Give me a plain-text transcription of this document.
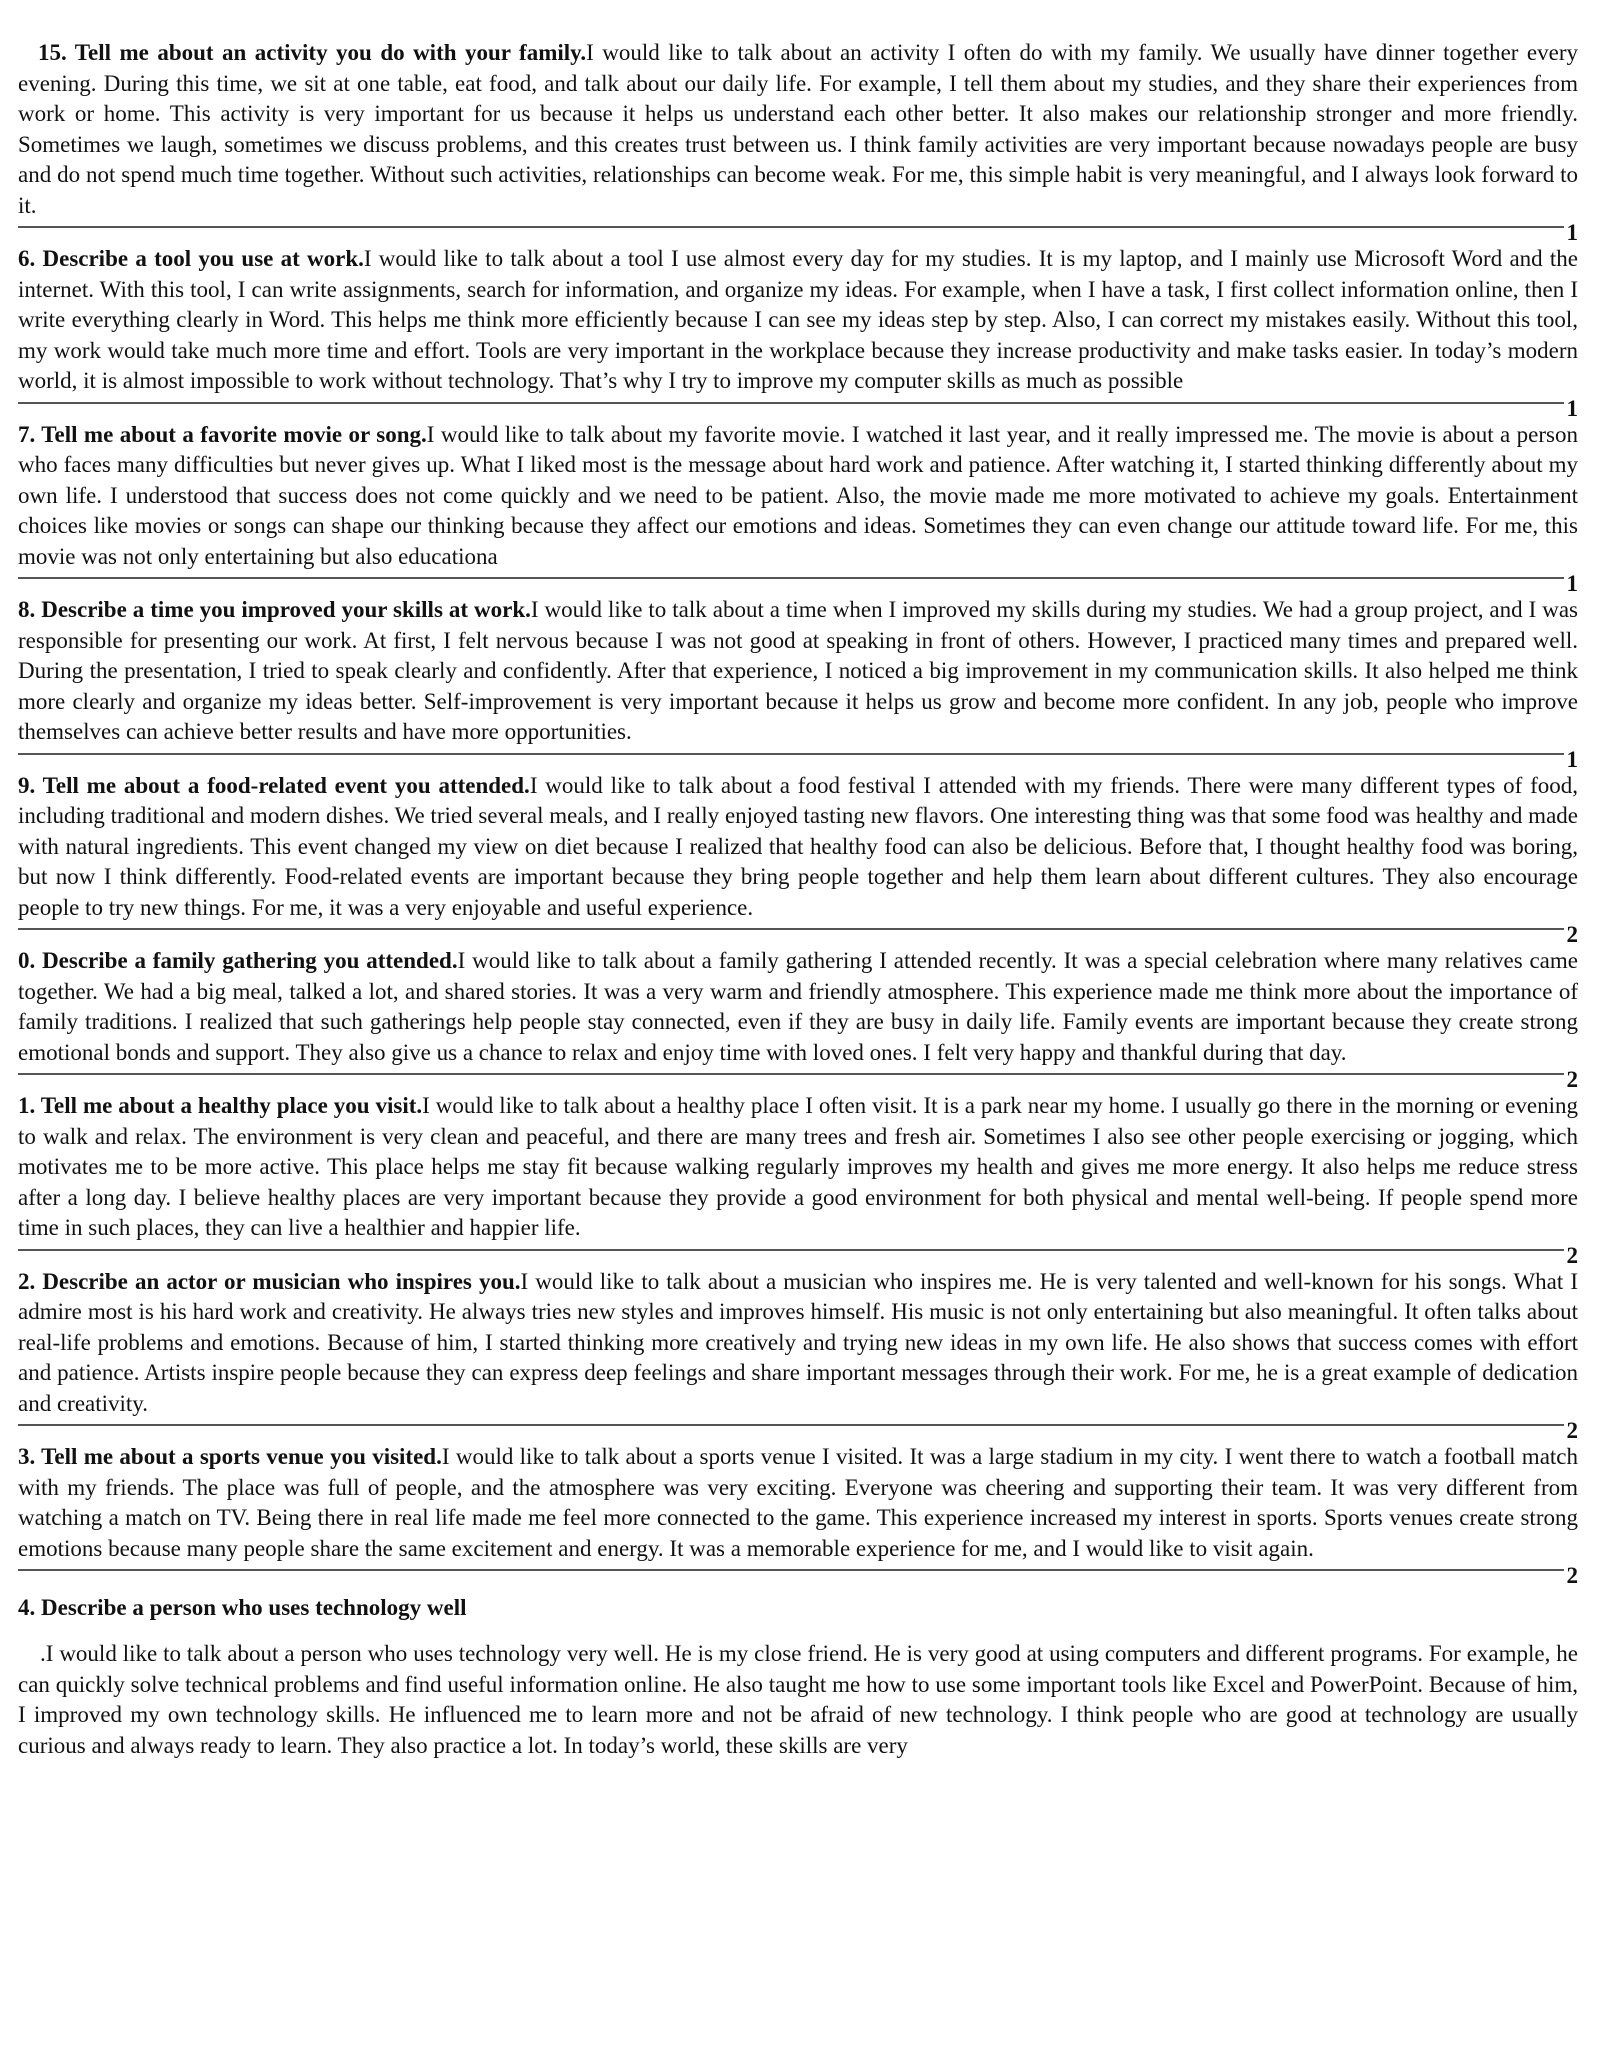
15. Tell me about an activity you do with your family.I would like to talk about an activity I often do with my family. We usually have dinner together every evening. During this time, we sit at one table, eat food, and talk about our daily life. For example, I tell them about my studies, and they share their experiences from work or home. This activity is very important for us because it helps us understand each other better. It also makes our relationship stronger and more friendly. Sometimes we laugh, sometimes we discuss problems, and this creates trust between us. I think family activities are very important because nowadays people are busy and do not spend much time together. Without such activities, relationships can become weak. For me, this simple habit is very meaningful, and I always look forward to it.
1
6. Describe a tool you use at work.I would like to talk about a tool I use almost every day for my studies. It is my laptop, and I mainly use Microsoft Word and the internet. With this tool, I can write assignments, search for information, and organize my ideas. For example, when I have a task, I first collect information online, then I write everything clearly in Word. This helps me think more efficiently because I can see my ideas step by step. Also, I can correct my mistakes easily. Without this tool, my work would take much more time and effort. Tools are very important in the workplace because they increase productivity and make tasks easier. In today’s modern world, it is almost impossible to work without technology. That’s why I try to improve my computer skills as much as possible
1
7. Tell me about a favorite movie or song.I would like to talk about my favorite movie. I watched it last year, and it really impressed me. The movie is about a person who faces many difficulties but never gives up. What I liked most is the message about hard work and patience. After watching it, I started thinking differently about my own life. I understood that success does not come quickly and we need to be patient. Also, the movie made me more motivated to achieve my goals. Entertainment choices like movies or songs can shape our thinking because they affect our emotions and ideas. Sometimes they can even change our attitude toward life. For me, this movie was not only entertaining but also educationa
1
8. Describe a time you improved your skills at work.I would like to talk about a time when I improved my skills during my studies. We had a group project, and I was responsible for presenting our work. At first, I felt nervous because I was not good at speaking in front of others. However, I practiced many times and prepared well. During the presentation, I tried to speak clearly and confidently. After that experience, I noticed a big improvement in my communication skills. It also helped me think more clearly and organize my ideas better. Self-improvement is very important because it helps us grow and become more confident. In any job, people who improve themselves can achieve better results and have more opportunities.
1
9. Tell me about a food-related event you attended.I would like to talk about a food festival I attended with my friends. There were many different types of food, including traditional and modern dishes. We tried several meals, and I really enjoyed tasting new flavors. One interesting thing was that some food was healthy and made with natural ingredients. This event changed my view on diet because I realized that healthy food can also be delicious. Before that, I thought healthy food was boring, but now I think differently. Food-related events are important because they bring people together and help them learn about different cultures. They also encourage people to try new things. For me, it was a very enjoyable and useful experience.
2
0. Describe a family gathering you attended.I would like to talk about a family gathering I attended recently. It was a special celebration where many relatives came together. We had a big meal, talked a lot, and shared stories. It was a very warm and friendly atmosphere. This experience made me think more about the importance of family traditions. I realized that such gatherings help people stay connected, even if they are busy in daily life. Family events are important because they create strong emotional bonds and support. They also give us a chance to relax and enjoy time with loved ones. I felt very happy and thankful during that day.
2
1. Tell me about a healthy place you visit.I would like to talk about a healthy place I often visit. It is a park near my home. I usually go there in the morning or evening to walk and relax. The environment is very clean and peaceful, and there are many trees and fresh air. Sometimes I also see other people exercising or jogging, which motivates me to be more active. This place helps me stay fit because walking regularly improves my health and gives me more energy. It also helps me reduce stress after a long day. I believe healthy places are very important because they provide a good environment for both physical and mental well-being. If people spend more time in such places, they can live a healthier and happier life.
2
2. Describe an actor or musician who inspires you.I would like to talk about a musician who inspires me. He is very talented and well-known for his songs. What I admire most is his hard work and creativity. He always tries new styles and improves himself. His music is not only entertaining but also meaningful. It often talks about real-life problems and emotions. Because of him, I started thinking more creatively and trying new ideas in my own life. He also shows that success comes with effort and patience. Artists inspire people because they can express deep feelings and share important messages through their work. For me, he is a great example of dedication and creativity.
2
3. Tell me about a sports venue you visited.I would like to talk about a sports venue I visited. It was a large stadium in my city. I went there to watch a football match with my friends. The place was full of people, and the atmosphere was very exciting. Everyone was cheering and supporting their team. It was very different from watching a match on TV. Being there in real life made me feel more connected to the game. This experience increased my interest in sports. Sports venues create strong emotions because many people share the same excitement and energy. It was a memorable experience for me, and I would like to visit again.
2
4. Describe a person who uses technology well
.I would like to talk about a person who uses technology very well. He is my close friend. He is very good at using computers and different programs. For example, he can quickly solve technical problems and find useful information online. He also taught me how to use some important tools like Excel and PowerPoint. Because of him, I improved my own technology skills. He influenced me to learn more and not be afraid of new technology. I think people who are good at technology are usually curious and always ready to learn. They also practice a lot. In today’s world, these skills are very
